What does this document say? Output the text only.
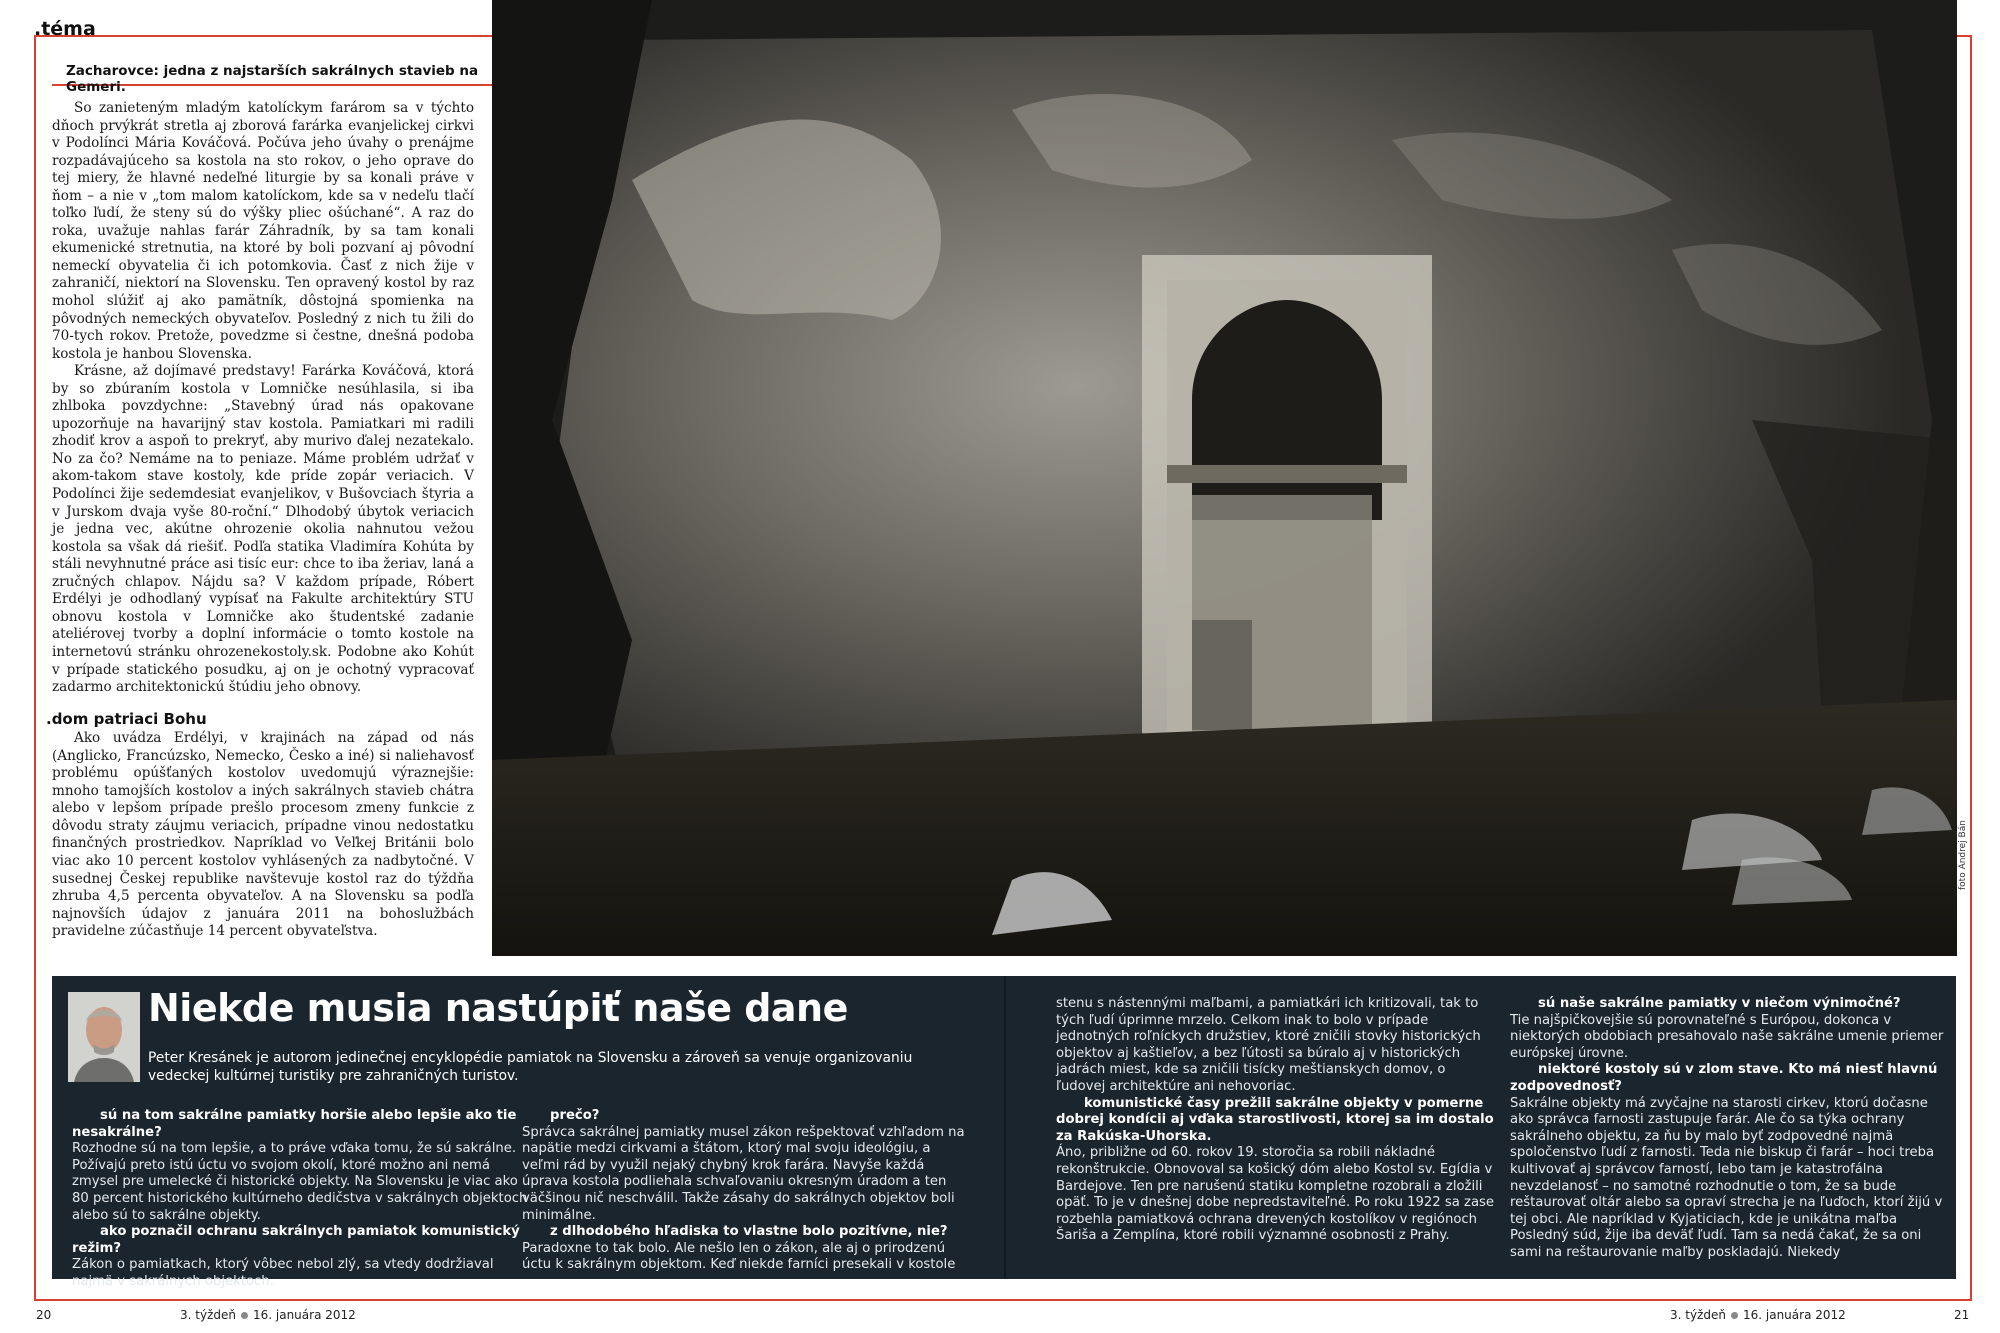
.téma
Zacharovce: jedna z najstarších sakrálnych stavieb na Gemeri.

So zanieteným mladým katolíckym farárom sa v týchto dňoch prvýkrát stretla aj zborová farárka evanjelickej cirkvi v Podolínci Mária Kováčová. Počúva jeho úvahy o prenájme rozpadávajúceho sa kostola na sto rokov, o jeho oprave do tej miery, že hlavné nedeľné liturgie by sa konali práve v ňom – a nie v „tom malom katolíckom, kde sa v nedeľu tlačí toľko ľudí, že steny sú do výšky pliec ošúchané“. A raz do roka, uvažuje nahlas farár Záhradník, by sa tam konali ekumenické stretnutia, na ktoré by boli pozvaní aj pôvodní nemeckí obyvatelia či ich potomkovia. Časť z nich žije v zahraničí, niektorí na Slovensku. Ten opravený kostol by raz mohol slúžiť aj ako pamätník, dôstojná spomienka na pôvodných nemeckých obyvateľov. Posledný z nich tu žili do 70-tych rokov. Pretože, povedzme si čestne, dnešná podoba kostola je hanbou Slovenska.

Krásne, až dojímavé predstavy! Farárka Kováčová, ktorá by so zbúraním kostola v Lomničke nesúhlasila, si iba zhlboka povzdychne: „Stavebný úrad nás opakovane upozorňuje na havarijný stav kostola. Pamiatkari mi radili zhodiť krov a aspoň to prekryť, aby murivo ďalej nezatekalo. No za čo? Nemáme na to peniaze. Máme problém udržať v akom-takom stave kostoly, kde príde zopár veriacich. V Podolínci žije sedemdesiat evanjelikov, v Bušovciach štyria a v Jurskom dvaja vyše 80-roční.“ Dlhodobý úbytok veriacich je jedna vec, akútne ohrozenie okolia nahnutou vežou kostola sa však dá riešiť. Podľa statika Vladimíra Kohúta by stáli nevyhnutné práce asi tisíc eur: chce to iba žeriav, laná a zručných chlapov. Nájdu sa? V každom prípade, Róbert Erdélyi je odhodlaný vypísať na Fakulte architektúry STU obnovu kostola v Lomničke ako študentské zadanie ateliérovej tvorby a doplní informácie o tomto kostole na internetovú stránku ohrozenekostoly.sk. Podobne ako Kohút v prípade statického posudku, aj on je ochotný vypracovať zadarmo architektonickú štúdiu jeho obnovy.

.dom patriaci Bohu

Ako uvádza Erdélyi, v krajinách na západ od nás (Anglicko, Francúzsko, Nemecko, Česko a iné) si naliehavosť problému opúšťaných kostolov uvedomujú výraznejšie: mnoho tamojších kostolov a iných sakrálnych stavieb chátra alebo v lepšom prípade prešlo procesom zmeny funkcie z dôvodu straty záujmu veriacich, prípadne vinou nedostatku finančných prostriedkov. Napríklad vo Veľkej Británii bolo viac ako 10 percent kostolov vyhlásených za nadbytočné. V susednej Českej republike navštevuje kostol raz do týždňa zhruba 4,5 percenta obyvateľov. A na Slovensku sa podľa najnovších údajov z januára 2011 na bohoslužbách pravidelne zúčastňuje 14 percent obyvateľstva.

foto Andrej Bán
Niekde musia nastúpiť naše dane
Peter Kresánek je autorom jedinečnej encyklopédie pamiatok na Slovensku a zároveň sa venuje organizovaniu vedeckej kultúrnej turistiky pre zahraničných turistov.

sú na tom sakrálne pamiatky horšie alebo lepšie ako tie nesakrálne?

Rozhodne sú na tom lepšie, a to práve vďaka tomu, že sú sakrálne. Požívajú preto istú úctu vo svojom okolí, ktoré možno ani nemá zmysel pre umelecké či historické objekty. Na Slovensku je viac ako 80 percent historického kultúrneho dedičstva v sakrálnych objektoch alebo sú to sakrálne objekty.

ako poznačil ochranu sakrálnych pamiatok komunistický režim?

Zákon o pamiatkach, ktorý vôbec nebol zlý, sa vtedy dodržiaval najmä v sakrálnych objektoch.

prečo?

Správca sakrálnej pamiatky musel zákon rešpektovať vzhľadom na napätie medzi cirkvami a štátom, ktorý mal svoju ideológiu, a veľmi rád by využil nejaký chybný krok farára. Navyše každá úprava kostola podliehala schvaľovaniu okresným úradom a ten väčšinou nič neschválil. Takže zásahy do sakrálnych objektov boli minimálne.

z dlhodobého hľadiska to vlastne bolo pozitívne, nie?

Paradoxne to tak bolo. Ale nešlo len o zákon, ale aj o prirodzenú úctu k sakrálnym objektom. Keď niekde farníci presekali v kostole

stenu s nástennými maľbami, a pamiatkári ich kritizovali, tak to tých ľudí úprimne mrzelo. Celkom inak to bolo v prípade jednotných roľníckych družstiev, ktoré zničili stovky historických objektov aj kaštieľov, a bez ľútosti sa búralo aj v historických jadrách miest, kde sa zničili tisícky meštianskych domov, o ľudovej architektúre ani nehovoriac.

komunistické časy prežili sakrálne objekty v pomerne dobrej kondícii aj vďaka starostlivosti, ktorej sa im dostalo za Rakúska-Uhorska.

Áno, približne od 60. rokov 19. storočia sa robili nákladné rekonštrukcie. Obnovoval sa košický dóm alebo Kostol sv. Egídia v Bardejove. Ten pre narušenú statiku kompletne rozobrali a zložili opäť. To je v dnešnej dobe nepredstaviteľné. Po roku 1922 sa zase rozbehla pamiatková ochrana drevených kostolíkov v regiónoch Šariša a Zemplína, ktoré robili významné osobnosti z Prahy.

sú naše sakrálne pamiatky v niečom výnimočné?

Tie najšpičkovejšie sú porovnateľné s Európou, dokonca v niektorých obdobiach presahovalo naše sakrálne umenie priemer európskej úrovne.

niektoré kostoly sú v zlom stave. Kto má niesť hlavnú zodpovednosť?

Sakrálne objekty má zvyčajne na starosti cirkev, ktorú dočasne ako správca farnosti zastupuje farár. Ale čo sa týka ochrany sakrálneho objektu, za ňu by malo byť zodpovedné najmä spoločenstvo ľudí z farnosti. Teda nie biskup či farár – hoci treba kultivovať aj správcov farností, lebo tam je katastrofálna nevzdelanosť – no samotné rozhodnutie o tom, že sa bude reštaurovať oltár alebo sa opraví strecha je na ľuďoch, ktorí žijú v tej obci. Ale napríklad v Kyjaticiach, kde je unikátna maľba Posledný súd, žije iba deväť ľudí. Tam sa nedá čakať, že sa oni sami na reštaurovanie maľby poskladajú. Niekedy

20	3. týždeň 16. januára 2012	3. týždeň 16. januára 2012	21
